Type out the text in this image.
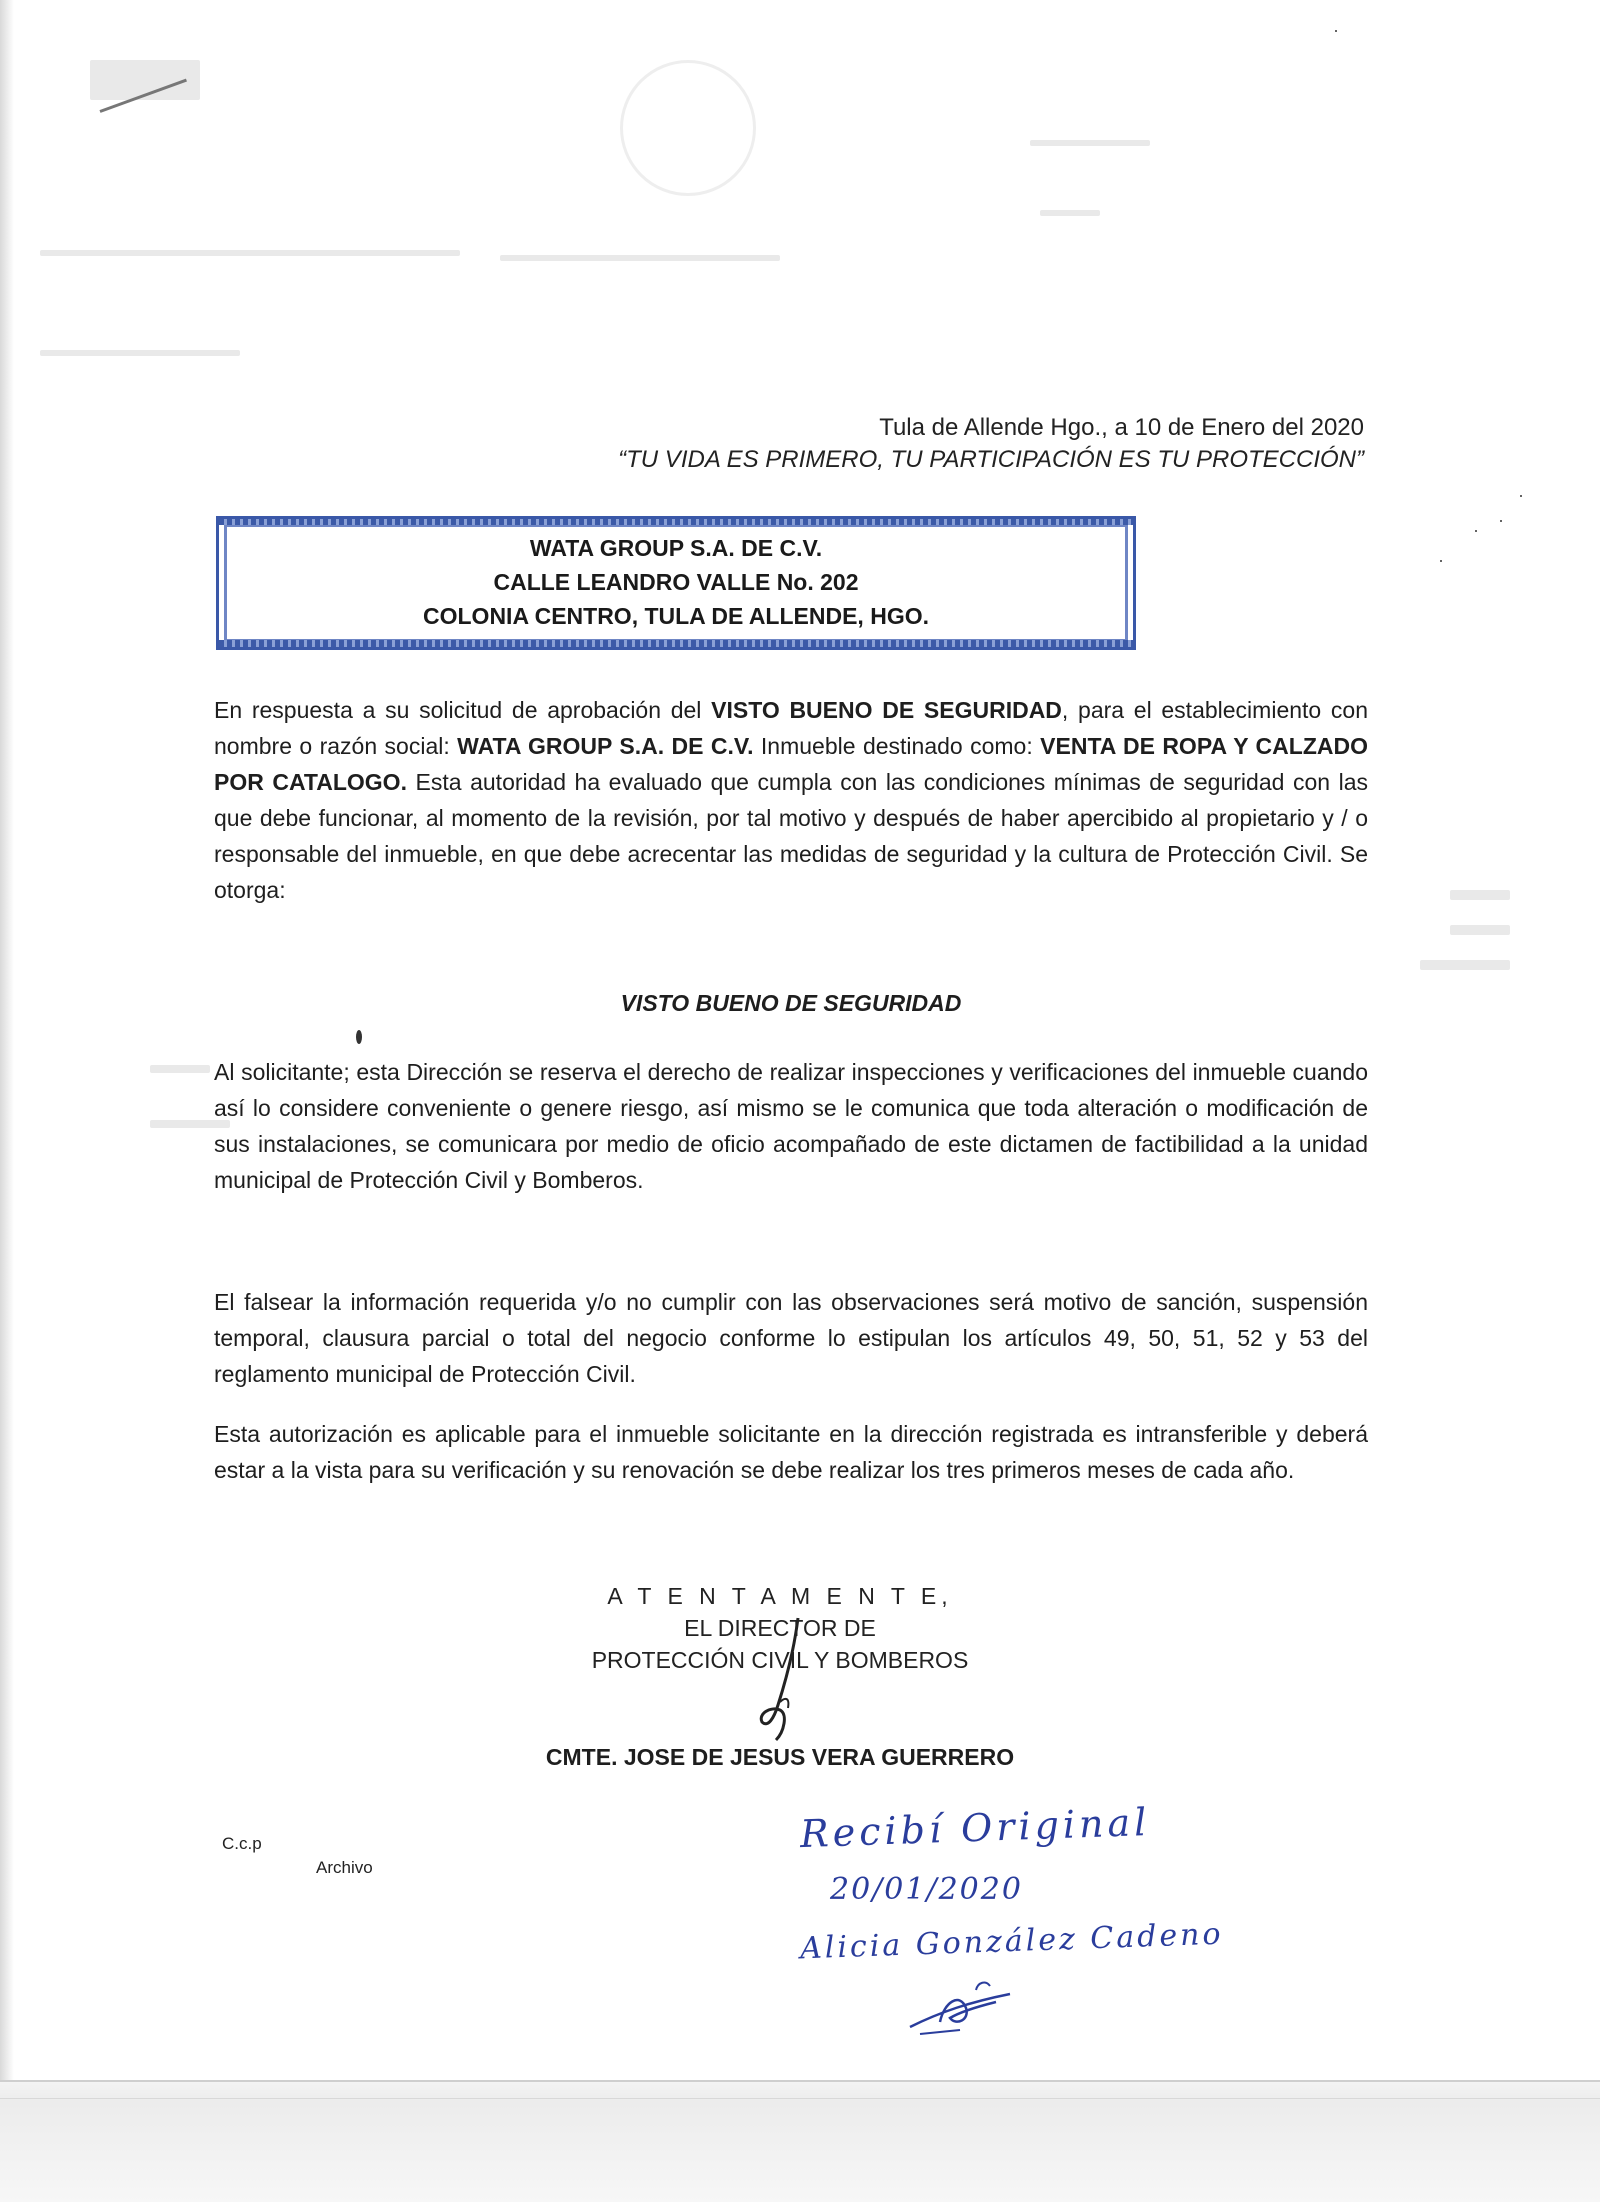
Tula de Allende Hgo., a 10 de Enero del 2020
“TU VIDA ES PRIMERO, TU PARTICIPACIÓN ES TU PROTECCIÓN”
WATA GROUP S.A. DE C.V.
CALLE LEANDRO VALLE No. 202
COLONIA CENTRO, TULA DE ALLENDE, HGO.
En respuesta a su solicitud de aprobación del VISTO BUENO DE SEGURIDAD, para el establecimiento con nombre o razón social: WATA GROUP S.A. DE C.V. Inmueble destinado como: VENTA DE ROPA Y CALZADO POR CATALOGO. Esta autoridad ha evaluado que cumpla con las condiciones mínimas de seguridad con las que debe funcionar, al momento de la revisión, por tal motivo y después de haber apercibido al propietario y / o responsable del inmueble, en que debe acrecentar las medidas de seguridad y la cultura de Protección Civil. Se otorga:
VISTO BUENO DE SEGURIDAD
Al solicitante; esta Dirección se reserva el derecho de realizar inspecciones y verificaciones del inmueble cuando así lo considere conveniente o genere riesgo, así mismo se le comunica que toda alteración o modificación de sus instalaciones, se comunicara por medio de oficio acompañado de este dictamen de factibilidad a la unidad municipal de Protección Civil y Bomberos.
El falsear la información requerida y/o no cumplir con las observaciones será motivo de sanción, suspensión temporal, clausura parcial o total del negocio conforme lo estipulan los artículos 49, 50, 51, 52 y 53 del reglamento municipal de Protección Civil.
Esta autorización es aplicable para el inmueble solicitante en la dirección registrada es intransferible y deberá estar a la vista para su verificación y su renovación se debe realizar los tres primeros meses de cada año.
A T E N T A M E N T E,
EL DIRECTOR DE
PROTECCIÓN CIVIL Y BOMBEROS
CMTE. JOSE DE JESUS VERA GUERRERO
C.c.p
Archivo
Recibí Original
20/01/2020
Alicia González Cadeno
